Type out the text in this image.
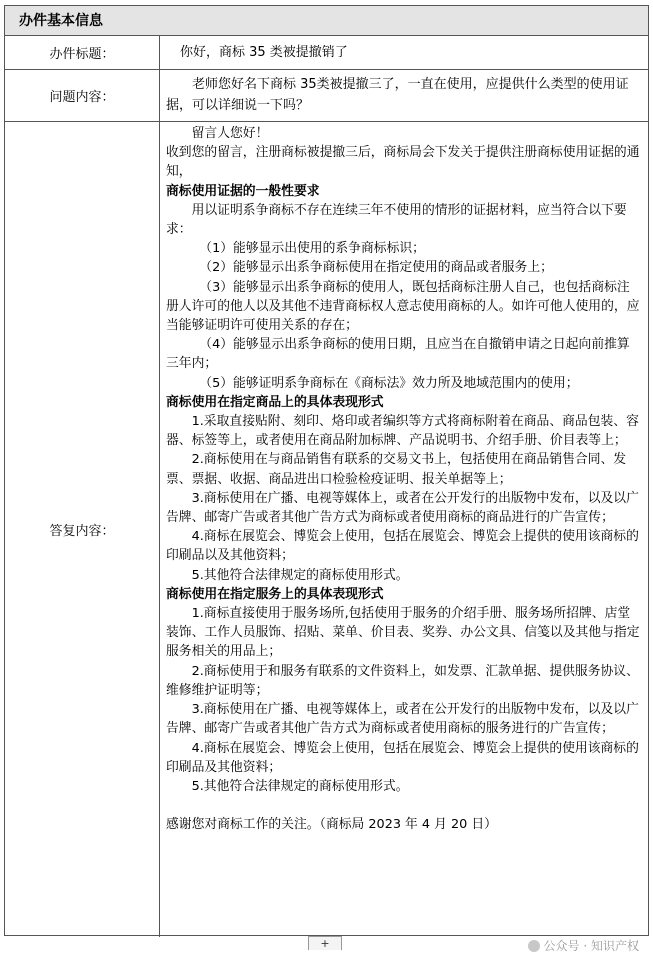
办件基本信息
办件标题：	你好，商标 35 类被提撤销了
问题内容：

老师您好名下商标 35类被提撤三了，一直在使用，应提供什么类型的使用证据，可以详细说一下吗？

答复内容：

留言人您好！

收到您的留言，注册商标被提撤三后，商标局会下发关于提供注册商标使用证据的通知，

商标使用证据的一般性要求

用以证明系争商标不存在连续三年不使用的情形的证据材料，应当符合以下要求：

（1）能够显示出使用的系争商标标识；

（2）能够显示出系争商标使用在指定使用的商品或者服务上；

（3）能够显示出系争商标的使用人，既包括商标注册人自己，也包括商标注册人许可的他人以及其他不违背商标权人意志使用商标的人。如许可他人使用的，应当能够证明许可使用关系的存在；

（4）能够显示出系争商标的使用日期，且应当在自撤销申请之日起向前推算三年内；

（5）能够证明系争商标在《商标法》效力所及地域范围内的使用；

商标使用在指定商品上的具体表现形式

1.采取直接贴附、刻印、烙印或者编织等方式将商标附着在商品、商品包装、容器、标签等上，或者使用在商品附加标牌、产品说明书、介绍手册、价目表等上；

2.商标使用在与商品销售有联系的交易文书上，包括使用在商品销售合同、发票、票据、收据、商品进出口检验检疫证明、报关单据等上；

3.商标使用在广播、电视等媒体上，或者在公开发行的出版物中发布，以及以广告牌、邮寄广告或者其他广告方式为商标或者使用商标的商品进行的广告宣传；

4.商标在展览会、博览会上使用，包括在展览会、博览会上提供的使用该商标的印刷品以及其他资料；

5.其他符合法律规定的商标使用形式。

商标使用在指定服务上的具体表现形式

1.商标直接使用于服务场所,包括使用于服务的介绍手册、服务场所招牌、店堂装饰、工作人员服饰、招贴、菜单、价目表、奖券、办公文具、信笺以及其他与指定服务相关的用品上；

2.商标使用于和服务有联系的文件资料上，如发票、汇款单据、提供服务协议、维修维护证明等；

3.商标使用在广播、电视等媒体上，或者在公开发行的出版物中发布，以及以广告牌、邮寄广告或者其他广告方式为商标或者使用商标的服务进行的广告宣传；

4.商标在展览会、博览会上使用，包括在展览会、博览会上提供的使用该商标的印刷品及其他资料；

5.其他符合法律规定的商标使用形式。

感谢您对商标工作的关注。（商标局 2023 年 4 月 20 日）

+	公众号 · 知识产权
